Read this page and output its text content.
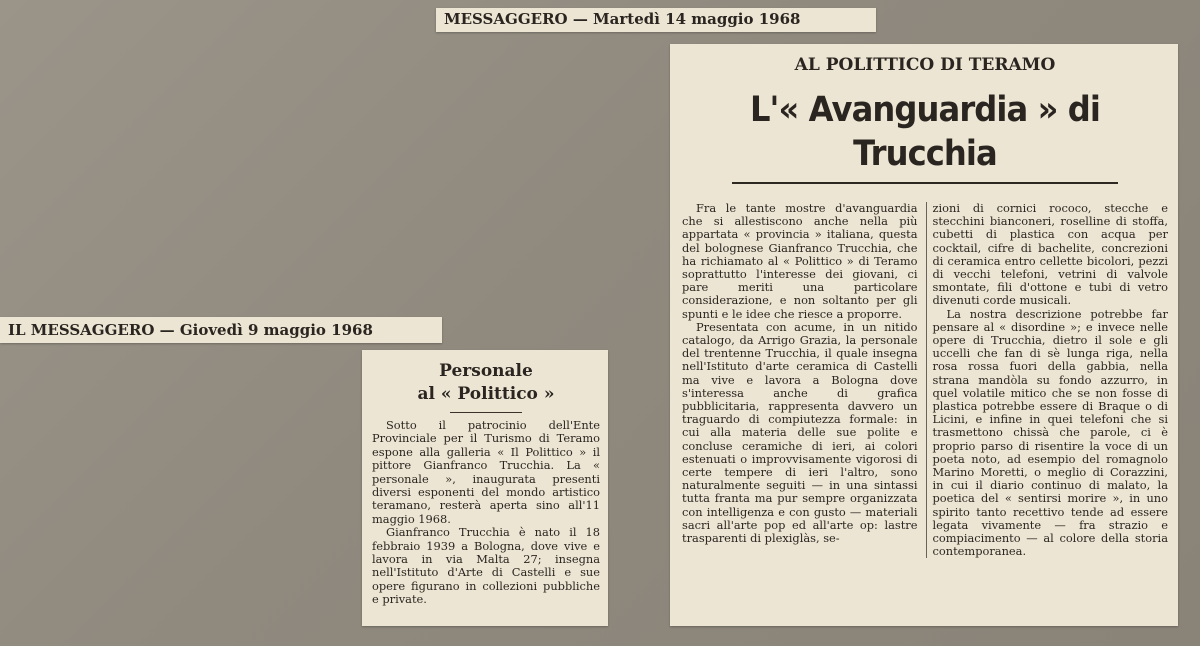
MESSAGGERO — Martedì 14 maggio 1968
IL MESSAGGERO — Giovedì 9 maggio 1968
Personale
al « Polittico »

Sotto il patrocinio dell'Ente Provinciale per il Turismo di Teramo espone alla galleria « Il Polittico » il pittore Gianfranco Trucchia. La « personale », inaugurata presenti diversi esponenti del mondo artistico teramano, resterà aperta sino all'11 maggio 1968.

Gianfranco Trucchia è nato il 18 febbraio 1939 a Bologna, dove vive e lavora in via Malta 27; insegna nell'Istituto d'Arte di Castelli e sue opere figurano in collezioni pubbliche e private.

AL POLITTICO DI TERAMO
L'« Avanguardia » di Trucchia

Fra le tante mostre d'avanguardia che si allestiscono anche nella più appartata « provincia » italiana, questa del bolognese Gianfranco Trucchia, che ha richiamato al « Polittico » di Teramo soprattutto l'interesse dei giovani, ci pare meriti una particolare considerazione, e non soltanto per gli spunti e le idee che riesce a proporre.

Presentata con acume, in un nitido catalogo, da Arrigo Grazia, la personale del trentenne Trucchia, il quale insegna nell'Istituto d'arte ceramica di Castelli ma vive e lavora a Bologna dove s'interessa anche di grafica pubblicitaria, rappresenta davvero un traguardo di compiutezza formale: in cui alla materia delle sue polite e concluse ceramiche di ieri, ai colori estenuati o improvvisamente vigorosi di certe tempere di ieri l'altro, sono naturalmente seguiti — in una sintassi tutta franta ma pur sempre organizzata con intelligenza e con gusto — materiali sacri all'arte pop ed all'arte op: lastre trasparenti di plexiglàs, se-

zioni di cornici rococo, stecche e stecchini bianconeri, roselline di stoffa, cubetti di plastica con acqua per cocktail, cifre di bachelite, concrezioni di ceramica entro cellette bicolori, pezzi di vecchi telefoni, vetrini di valvole smontate, fili d'ottone e tubi di vetro divenuti corde musicali.

La nostra descrizione potrebbe far pensare al « disordine »; e invece nelle opere di Trucchia, dietro il sole e gli uccelli che fan di sè lunga riga, nella rosa rossa fuori della gabbia, nella strana mandòla su fondo azzurro, in quel volatile mitico che se non fosse di plastica potrebbe essere di Braque o di Licini, e infine in quei telefoni che si trasmettono chissà che parole, ci è proprio parso di risentire la voce di un poeta noto, ad esempio del romagnolo Marino Moretti, o meglio di Corazzini, in cui il diario continuo di malato, la poetica del « sentirsi morire », in uno spirito tanto recettivo tende ad essere legata vivamente — fra strazio e compiacimento — al colore della storia contemporanea.
